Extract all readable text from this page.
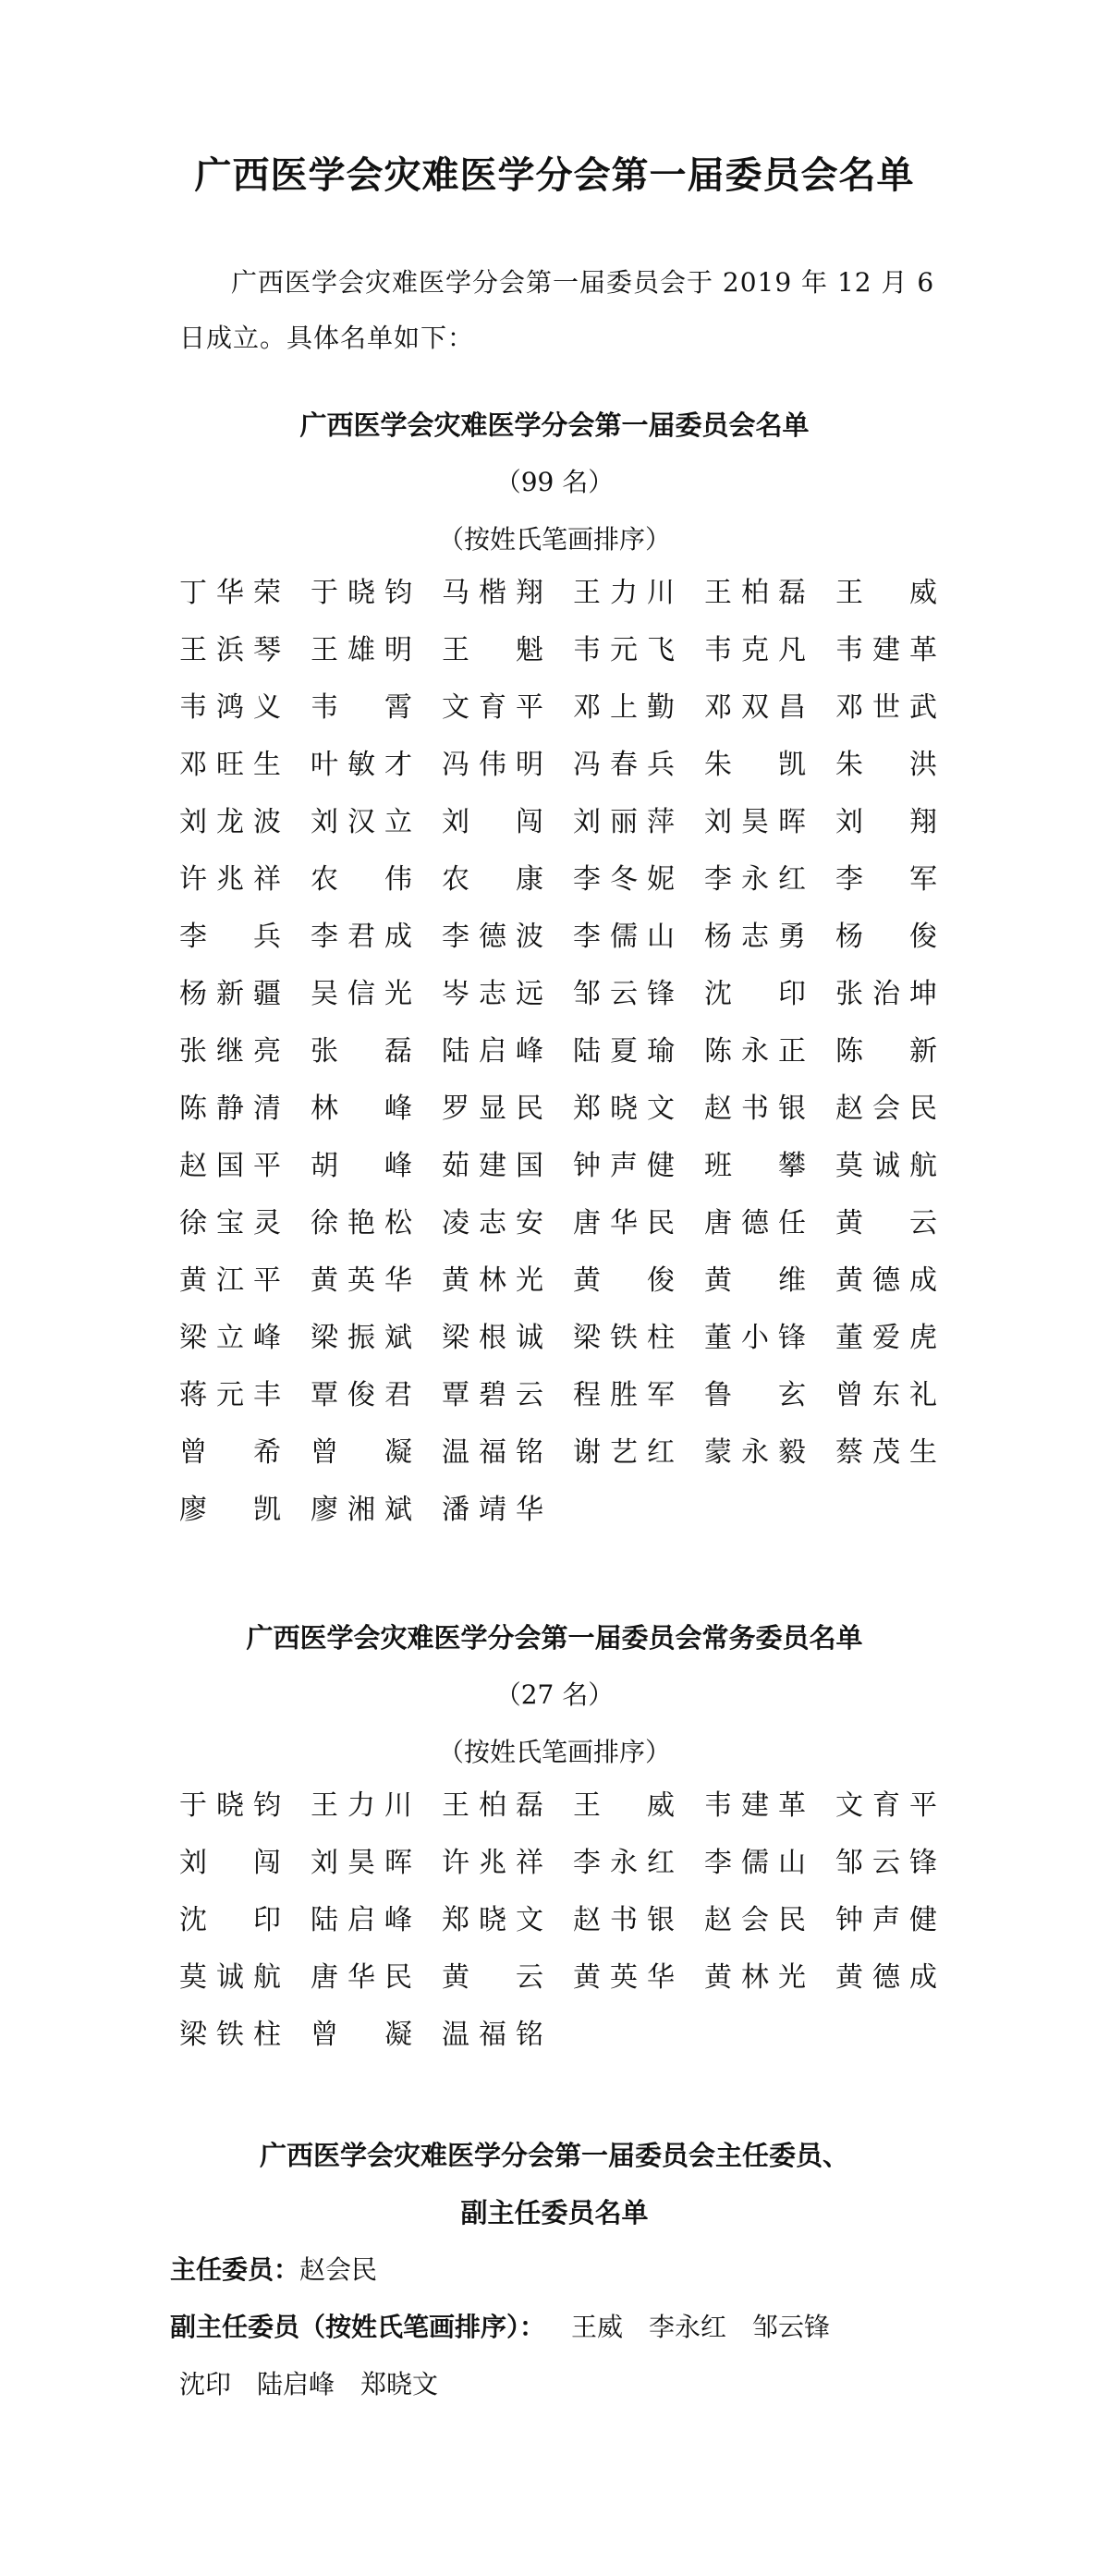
广西医学会灾难医学分会第一届委员会名单
广西医学会灾难医学分会第一届委员会于 2019 年 12 月 6
日成立。具体名单如下：
广西医学会灾难医学分会第一届委员会名单
（99 名）
（按姓氏笔画排序）
丁华荣 于晓钧 马楷翔 王力川 王柏磊 王威
王浜琴 王雄明 王魁 韦元飞 韦克凡 韦建革
韦鸿义 韦霄 文育平 邓上勤 邓双昌 邓世武
邓旺生 叶敏才 冯伟明 冯春兵 朱凯 朱洪
刘龙波 刘汉立 刘闯 刘丽萍 刘昊晖 刘翔
许兆祥 农伟 农康 李冬妮 李永红 李军
李兵 李君成 李德波 李儒山 杨志勇 杨俊
杨新疆 吴信光 岑志远 邹云锋 沈印 张治坤
张继亮 张磊 陆启峰 陆夏瑜 陈永正 陈新
陈静清 林峰 罗显民 郑晓文 赵书银 赵会民
赵国平 胡峰 茹建国 钟声健 班攀 莫诚航
徐宝灵 徐艳松 凌志安 唐华民 唐德任 黄云
黄江平 黄英华 黄林光 黄俊 黄维 黄德成
梁立峰 梁振斌 梁根诚 梁铁柱 董小锋 董爱虎
蒋元丰 覃俊君 覃碧云 程胜军 鲁玄 曾东礼
曾希 曾凝 温福铭 谢艺红 蒙永毅 蔡茂生
廖凯 廖湘斌 潘靖华
广西医学会灾难医学分会第一届委员会常务委员名单
（27 名）
（按姓氏笔画排序）
于晓钧 王力川 王柏磊 王威 韦建革 文育平
刘闯 刘昊晖 许兆祥 李永红 李儒山 邹云锋
沈印 陆启峰 郑晓文 赵书银 赵会民 钟声健
莫诚航 唐华民 黄云 黄英华 黄林光 黄德成
梁铁柱 曾凝 温福铭
广西医学会灾难医学分会第一届委员会主任委员、
副主任委员名单
主任委员：赵会民
副主任委员（按姓氏笔画排序）： 王威 李永红 邹云锋
沈印 陆启峰 郑晓文
